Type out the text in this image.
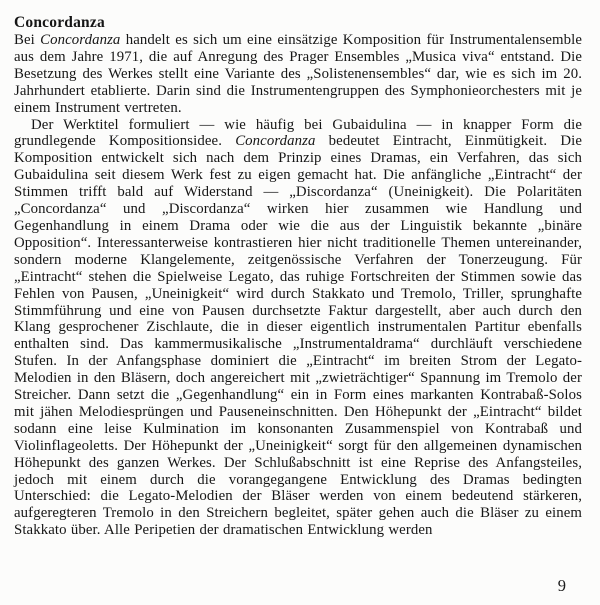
Concordanza

Bei Concordanza handelt es sich um eine einsätzige Komposition für Instrumentalensemble aus dem Jahre 1971, die auf Anregung des Prager Ensembles „Musica viva“ entstand. Die Besetzung des Werkes stellt eine Variante des „Solistenensembles“ dar, wie es sich im 20. Jahrhundert etablierte. Darin sind die Instrumentengruppen des Symphonieorchesters mit je einem Instrument vertreten.

Der Werktitel formuliert — wie häufig bei Gubaidulina — in knapper Form die grundlegende Kompositionsidee. Concordanza bedeutet Eintracht, Einmütigkeit. Die Komposition entwickelt sich nach dem Prinzip eines Dramas, ein Verfahren, das sich Gubaidulina seit diesem Werk fest zu eigen gemacht hat. Die anfängliche „Eintracht“ der Stimmen trifft bald auf Widerstand — „Discordanza“ (Uneinigkeit). Die Polaritäten „Concordanza“ und „Discordanza“ wirken hier zusammen wie Handlung und Gegenhandlung in einem Drama oder wie die aus der Linguistik bekannte „binäre Opposition“. Interessanterweise kontrastieren hier nicht traditionelle Themen untereinander, sondern moderne Klangelemente, zeitgenössische Verfahren der Tonerzeugung. Für „Eintracht“ stehen die Spielweise Legato, das ruhige Fortschreiten der Stimmen sowie das Fehlen von Pausen, „Uneinigkeit“ wird durch Stakkato und Tremolo, Triller, sprunghafte Stimmführung und eine von Pausen durchsetzte Faktur dargestellt, aber auch durch den Klang gesprochener Zischlaute, die in dieser eigentlich instrumentalen Partitur ebenfalls enthalten sind. Das kammermusikalische „Instrumentaldrama“ durchläuft verschiedene Stufen. In der Anfangsphase dominiert die „Eintracht“ im breiten Strom der Legato-Melodien in den Bläsern, doch angereichert mit „zwieträchtiger“ Spannung im Tremolo der Streicher. Dann setzt die „Gegenhandlung“ ein in Form eines markanten Kontrabaß-Solos mit jähen Melodiesprüngen und Pauseneinschnitten. Den Höhepunkt der „Eintracht“ bildet sodann eine leise Kulmination im konsonanten Zusammenspiel von Kontrabaß und Violinflageoletts. Der Höhepunkt der „Uneinigkeit“ sorgt für den allgemeinen dynamischen Höhepunkt des ganzen Werkes. Der Schlußabschnitt ist eine Reprise des Anfangsteiles, jedoch mit einem durch die vorangegangene Entwicklung des Dramas bedingten Unterschied: die Legato-Melodien der Bläser werden von einem bedeutend stärkeren, aufgeregteren Tremolo in den Streichern begleitet, später gehen auch die Bläser zu einem Stakkato über. Alle Peripetien der dramatischen Entwicklung werden

9
